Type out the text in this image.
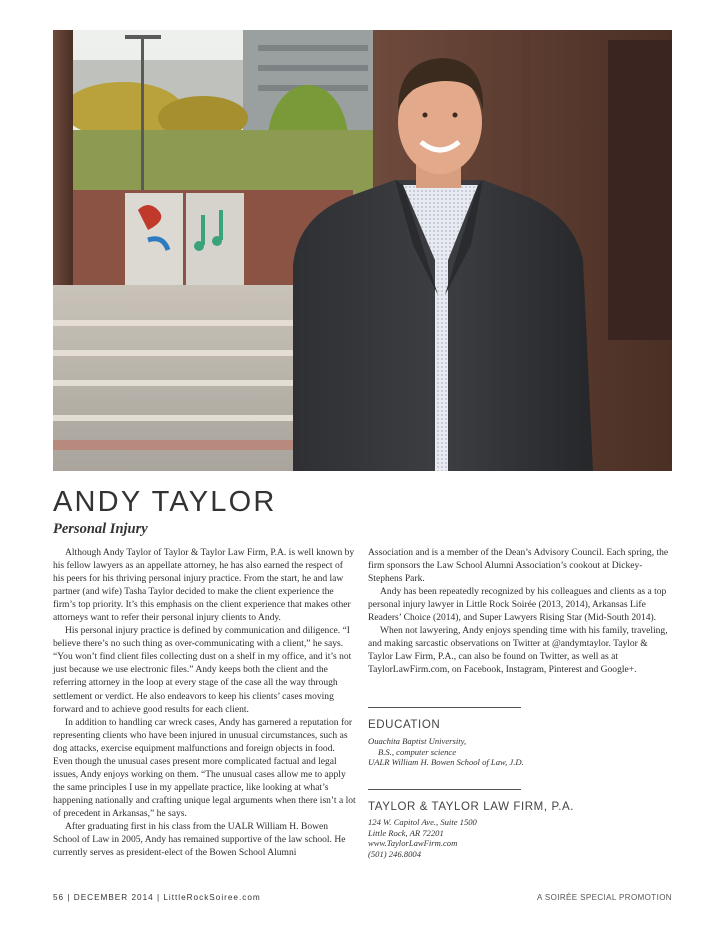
ANDY TAYLOR
Personal Injury

Although Andy Taylor of Taylor & Taylor Law Firm, P.A. is well known by his fellow lawyers as an appellate attorney, he has also earned the respect of his peers for his thriving personal injury practice. From the start, he and law partner (and wife) Tasha Taylor decided to make the client experience the firm’s top priority. It’s this emphasis on the client experience that makes other attorneys want to refer their personal injury clients to Andy.

His personal injury practice is defined by communication and diligence. “I believe there’s no such thing as over-communicating with a client,” he says. “You won’t find client files collecting dust on a shelf in my office, and it’s not just because we use electronic files.” Andy keeps both the client and the referring attorney in the loop at every stage of the case all the way through settlement or verdict. He also endeavors to keep his clients’ cases moving forward and to achieve good results for each client.

In addition to handling car wreck cases, Andy has garnered a reputation for representing clients who have been injured in unusual circumstances, such as dog attacks, exercise equipment malfunctions and foreign objects in food. Even though the unusual cases present more complicated factual and legal issues, Andy enjoys working on them. “The unusual cases allow me to apply the same principles I use in my appellate practice, like looking at what’s happening nationally and crafting unique legal arguments when there isn’t a lot of precedent in Arkansas,” he says.

After graduating first in his class from the UALR William H. Bowen School of Law in 2005, Andy has remained supportive of the law school. He currently serves as president-elect of the Bowen School Alumni

Association and is a member of the Dean’s Advisory Council. Each spring, the firm sponsors the Law School Alumni Association’s cookout at Dickey-Stephens Park.

Andy has been repeatedly recognized by his colleagues and clients as a top personal injury lawyer in Little Rock Soirée (2013, 2014), Arkansas Life Readers’ Choice (2014), and Super Lawyers Rising Star (Mid-South 2014).

When not lawyering, Andy enjoys spending time with his family, traveling, and making sarcastic observations on Twitter at @andymtaylor. Taylor & Taylor Law Firm, P.A., can also be found on Twitter, as well as at TaylorLawFirm.com, on Facebook, Instagram, Pinterest and Google+.

EDUCATION
Ouachita Baptist University,
B.S., computer science
UALR William H. Bowen School of Law, J.D.
TAYLOR & TAYLOR LAW FIRM, P.A.
124 W. Capitol Ave., Suite 1500
Little Rock, AR 72201
www.TaylorLawFirm.com
(501) 246.8004
56 | DECEMBER 2014 | LittleRockSoiree.com	A SOIRÉE SPECIAL PROMOTION
